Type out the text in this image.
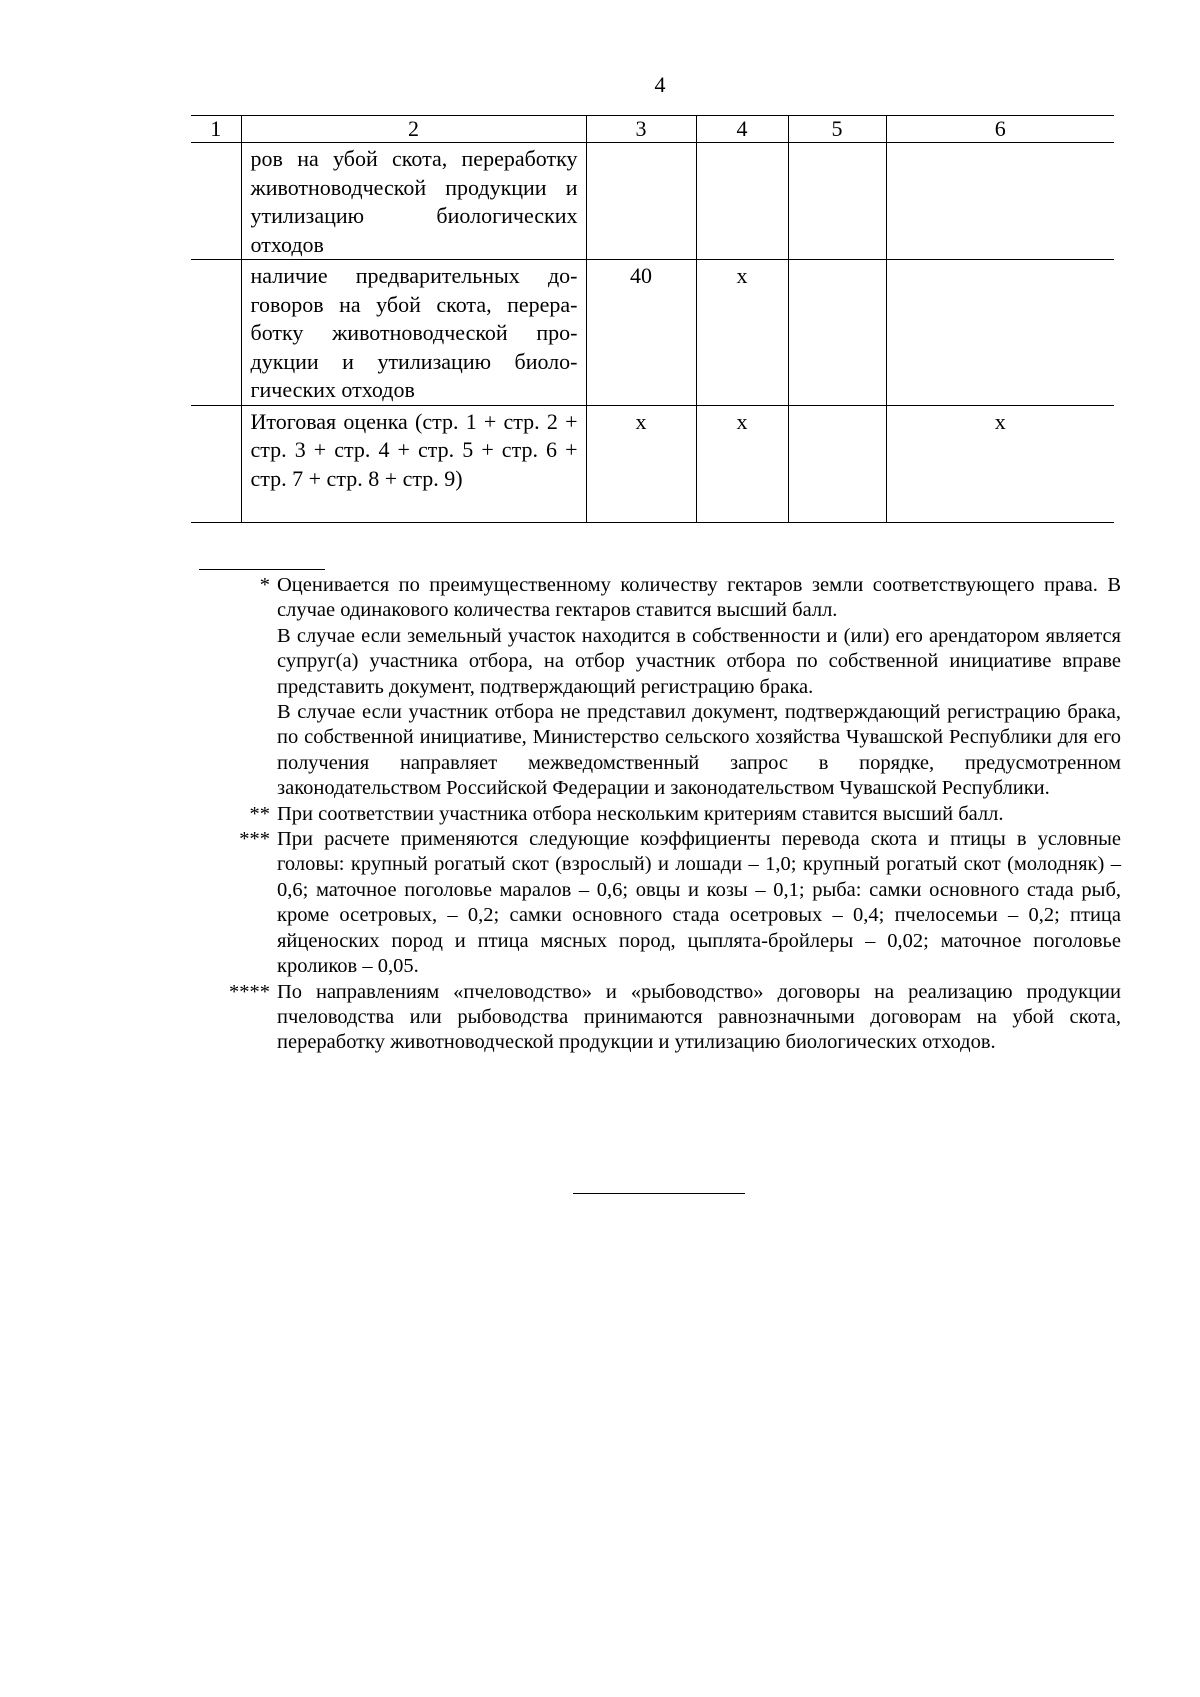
4
1	2	3	4	5	6
	ров на убой скота, переработку животноводческой продукции и утилизацию биологических отходов				
	наличие предварительных до-говоров на убой скота, перера-ботку животноводческой про-дукции и утилизацию биоло-гических отходов	40	х		
	Итоговая оценка (стр. 1 + стр. 2 + стр. 3 + стр. 4 + стр. 5 + стр. 6 + стр. 7 + стр. 8 + стр. 9)	х	х		х
* Оценивается по преимущественному количеству гектаров земли соответствующего права. В случае одинакового количества гектаров ставится высший балл.

В случае если земельный участок находится в собственности и (или) его арендатором является супруг(а) участника отбора, на отбор участник отбора по собственной инициативе вправе представить документ, подтверждающий регистрацию брака.

В случае если участник отбора не представил документ, подтверждающий регистрацию брака, по собственной инициативе, Министерство сельского хозяйства Чувашской Республики для его получения направляет межведомственный запрос в порядке, предусмотренном законодательством Российской Федерации и законодательством Чувашской Республики.

** При соответствии участника отбора нескольким критериям ставится высший балл.

*** При расчете применяются следующие коэффициенты перевода скота и птицы в условные головы: крупный рогатый скот (взрослый) и лошади – 1,0; крупный рогатый скот (молодняк) – 0,6; маточное поголовье маралов – 0,6; овцы и козы – 0,1; рыба: самки основного стада рыб, кроме осетровых, – 0,2; самки основного стада осетровых – 0,4; пчелосемьи – 0,2; птица яйценоских пород и птица мясных пород, цыплята-бройлеры – 0,02; маточное поголовье кроликов – 0,05.

**** По направлениям «пчеловодство» и «рыбоводство» договоры на реализацию продукции пчеловодства или рыбоводства принимаются равнозначными договорам на убой скота, переработку животноводческой продукции и утилизацию биологических отходов.
